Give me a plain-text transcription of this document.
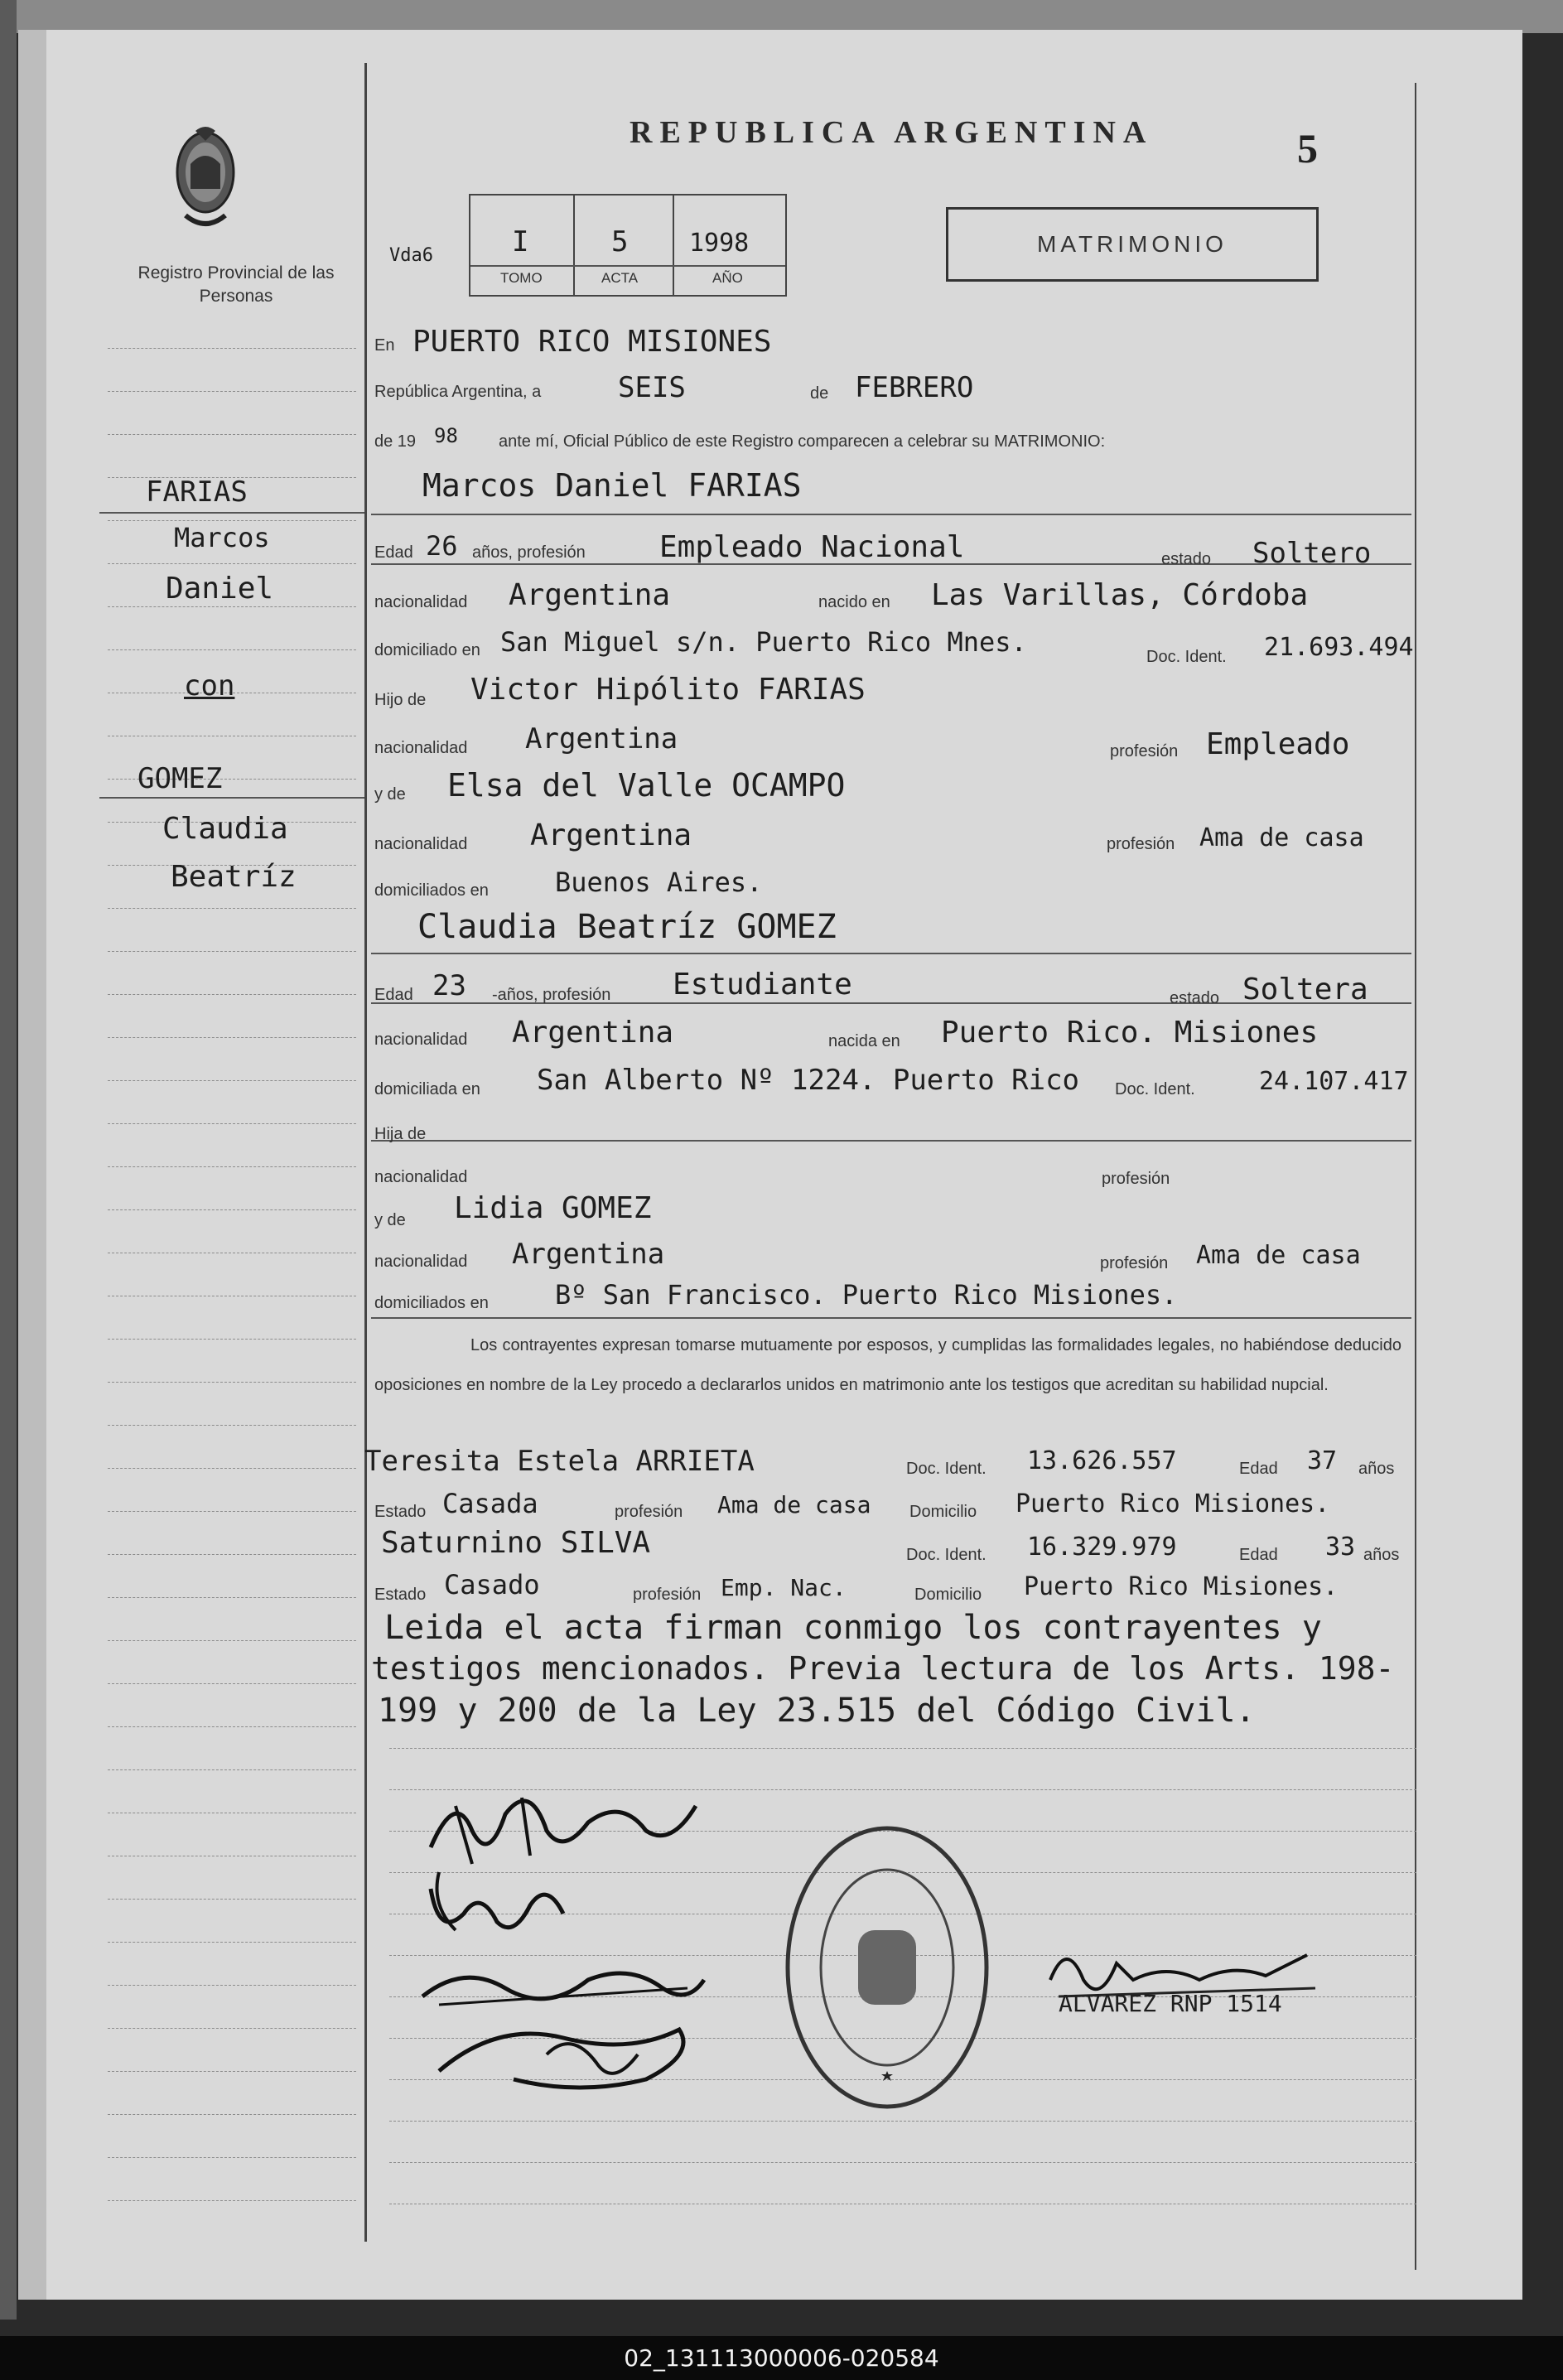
Registro Provincial de las Personas
REPUBLICA ARGENTINA	5
Vda6	I	5 1998
TOMO	ACTA	AÑO
MATRIMONIO
FARIAS
Marcos
Daniel
con
GOMEZ
Claudia
Beatríz
En PUERTO RICO MISIONES
República Argentina, a	SEIS	de FEBRERO
de 19 98 ante mí, Oficial Público de este Registro comparecen a celebrar su MATRIMONIO:
Marcos Daniel FARIAS
Edad 26 años, profesión Empleado Nacional	estado Soltero
nacionalidad Argentina	nacido en Las Varillas, Córdoba
domiciliado en San Miguel s/n. Puerto Rico Mnes.	Doc. Ident. 21.693.494
Hijo de Victor Hipólito FARIAS
nacionalidad Argentina	profesión Empleado
y de Elsa del Valle OCAMPO
nacionalidad Argentina	profesión Ama de casa
domiciliados en	Buenos Aires.
Claudia Beatríz GOMEZ
Edad 23 -años, profesión Estudiante	estado Soltera
nacionalidad Argentina	nacida en Puerto Rico. Misiones
domiciliada en San Alberto Nº 1224. Puerto Rico Doc. Ident.	24.107.417
Hija de
nacionalidad	profesión
y de Lidia GOMEZ
nacionalidad Argentina	profesión Ama de casa
domiciliados en	Bº San Francisco. Puerto Rico Misiones.
Los contrayentes expresan tomarse mutuamente por esposos, y cumplidas las formalidades legales, no habiéndose deducido oposiciones en nombre de la Ley procedo a declararlos unidos en matrimonio ante los testigos que acreditan su habilidad nupcial.
Teresita Estela ARRIETA	Doc. Ident. 13.626.557	Edad 37 años
Estado Casada	profesión Ama de casa Domicilio Puerto Rico Misiones.
Saturnino SILVA	Doc. Ident. 16.329.979	Edad 33 años
Estado Casado	profesión Emp. Nac.	Domicilio Puerto Rico Misiones.
Leida el acta firman conmigo los contrayentes y
testigos mencionados. Previa lectura de los Arts. 198-
199 y 200 de la Ley 23.515 del Código Civil.
ALVAREZ RNP 1514
02_131113000006-020584
